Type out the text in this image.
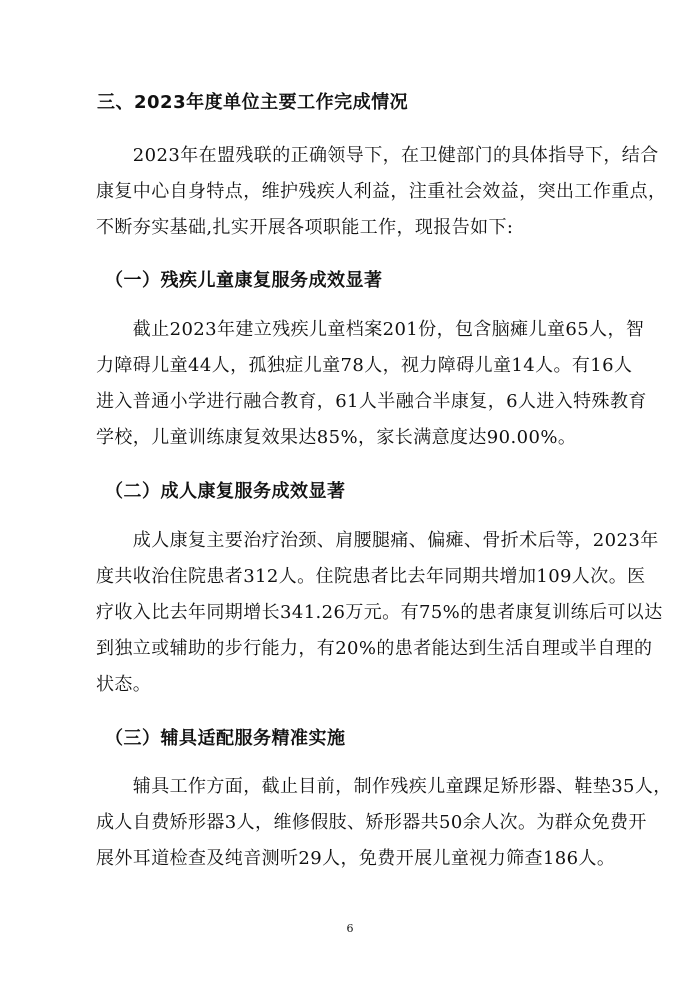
三、2023年度单位主要工作完成情况
　　2023年在盟残联的正确领导下，在卫健部门的具体指导下，结合
康复中心自身特点，维护残疾人利益，注重社会效益，突出工作重点，
不断夯实基础,扎实开展各项职能工作，现报告如下:
（一）残疾儿童康复服务成效显著
　　截止2023年建立残疾儿童档案201份，包含脑瘫儿童65人，智
力障碍儿童44人，孤独症儿童78人，视力障碍儿童14人。有16人
进入普通小学进行融合教育，61人半融合半康复，6人进入特殊教育
学校，儿童训练康复效果达85%，家长满意度达90.00%。
（二）成人康复服务成效显著
　　成人康复主要治疗治颈、肩腰腿痛、偏瘫、骨折术后等，2023年
度共收治住院患者312人。住院患者比去年同期共增加109人次。医
疗收入比去年同期增长341.26万元。有75%的患者康复训练后可以达
到独立或辅助的步行能力，有20%的患者能达到生活自理或半自理的
状态。
（三）辅具适配服务精准实施
　　辅具工作方面，截止目前，制作残疾儿童踝足矫形器、鞋垫35人，
成人自费矫形器3人，维修假肢、矫形器共50余人次。为群众免费开
展外耳道检查及纯音测听29人，免费开展儿童视力筛查186人。
6
